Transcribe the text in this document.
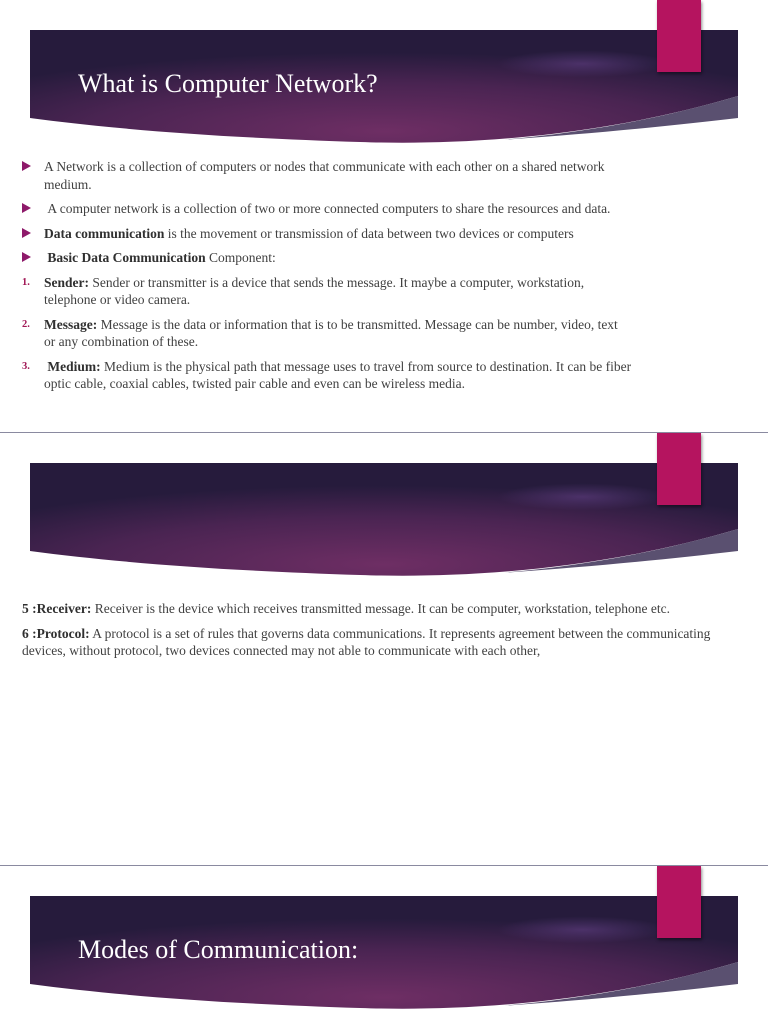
What is Computer Network?
A Network is a collection of computers or nodes that communicate with each other on a shared network medium.
A computer network is a collection of two or more connected computers to share the resources and data.
Data communication is the movement or transmission of data between two devices or computers
Basic Data Communication Component:
1. Sender: Sender or transmitter is a device that sends the message. It maybe a computer, workstation, telephone or video camera.
2. Message: Message is the data or information that is to be transmitted. Message can be number, video, text or any combination of these.
3. Medium: Medium is the physical path that message uses to travel from source to destination. It can be fiber optic cable, coaxial cables, twisted pair cable and even can be wireless media.

5 :Receiver: Receiver is the device which receives transmitted message. It can be computer, workstation, telephone etc.

6 :Protocol: A protocol is a set of rules that governs data communications. It represents agreement between the communicating devices, without protocol, two devices connected may not able to communicate with each other,

Modes of Communication:
